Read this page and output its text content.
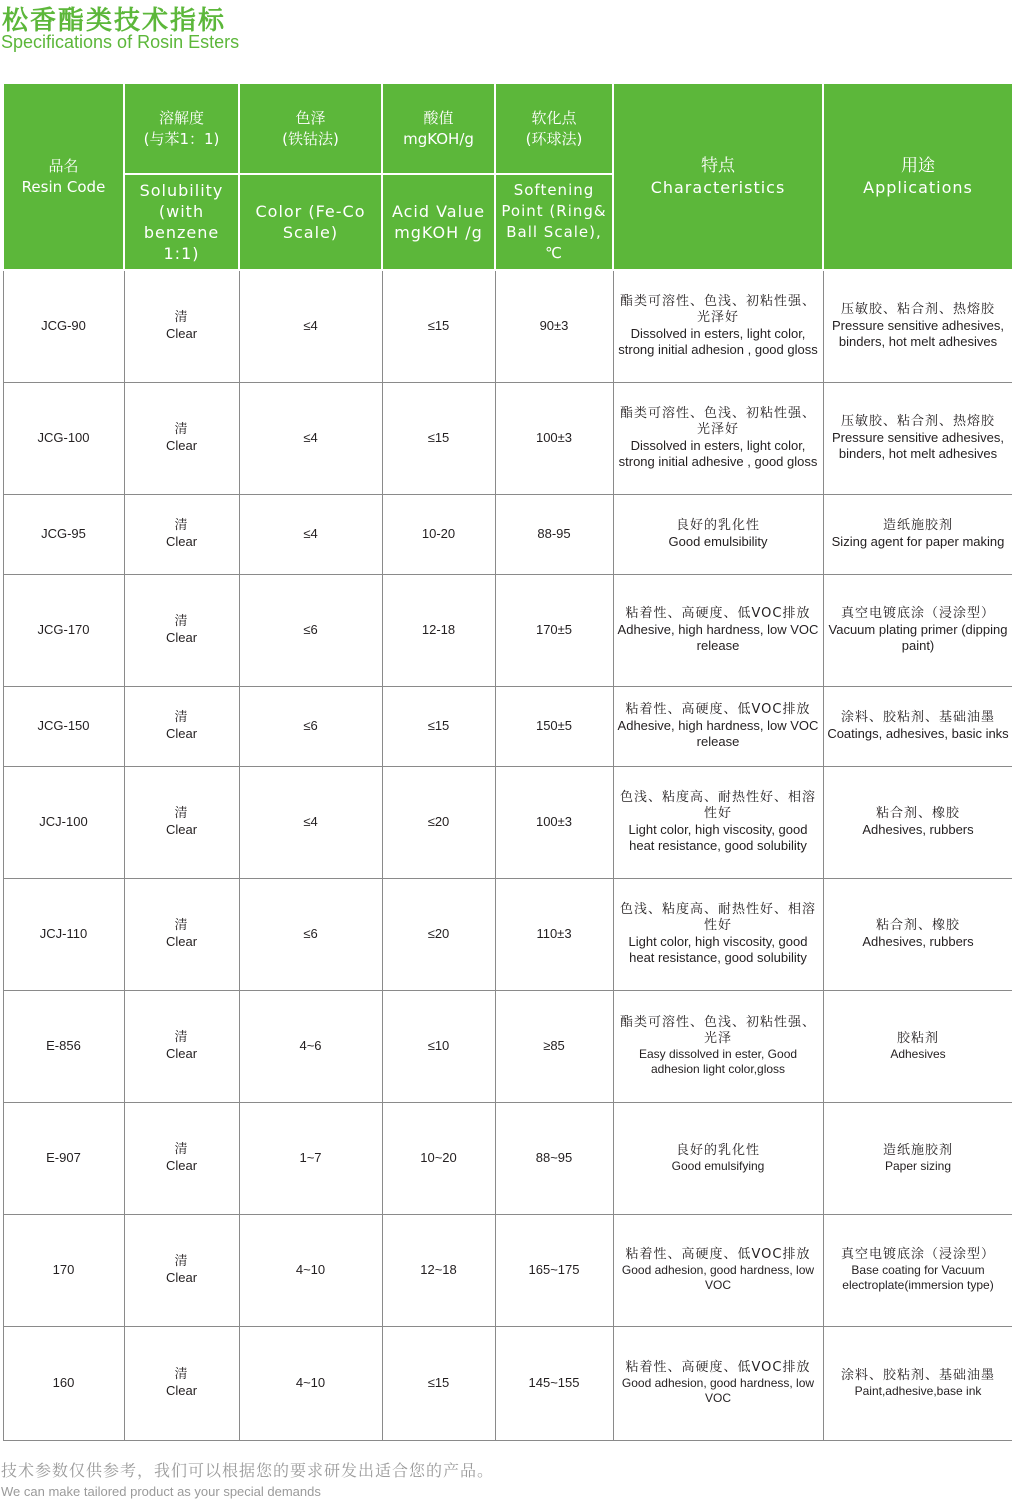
松香酯类技术指标
Specifications of Rosin Esters
品名
Resin Code	溶解度
(与苯1：1)	色泽
(铁钴法)	酸值
mgKOH/g	软化点
(环球法)	特点
Characteristics	用途
Applications

	Solubility (with benzene 1:1)	Color (Fe-Co Scale)	Acid Value mgKOH /g	Softening Point (Ring& Ball Scale),℃		

JCG-90	清
Clear	≤4	≤15	90±3	酯类可溶性、色浅、初粘性强、光泽好
Dissolved in esters, light color, strong initial adhesion , good gloss	压敏胶、粘合剂、热熔胶
Pressure sensitive adhesives, binders, hot melt adhesives

JCG-100	清
Clear	≤4	≤15	100±3	酯类可溶性、色浅、初粘性强、光泽好
Dissolved in esters, light color, strong initial adhesive , good gloss	压敏胶、粘合剂、热熔胶
Pressure sensitive adhesives, binders, hot melt adhesives

JCG-95	清
Clear	≤4	10-20	88-95	良好的乳化性
Good emulsibility	造纸施胶剂
Sizing agent for paper making

JCG-170	清
Clear	≤6	12-18	170±5	粘着性、高硬度、低VOC排放
Adhesive, high hardness, low VOC release	真空电镀底涂（浸涂型）
Vacuum plating primer (dipping paint)

JCG-150	清
Clear	≤6	≤15	150±5	粘着性、高硬度、低VOC排放
Adhesive, high hardness, low VOC release	涂料、胶粘剂、基础油墨
Coatings, adhesives, basic inks

JCJ-100	清
Clear	≤4	≤20	100±3	色浅、粘度高、耐热性好、相溶性好
Light color, high viscosity, good heat resistance, good solubility	粘合剂、橡胶
Adhesives, rubbers

JCJ-110	清
Clear	≤6	≤20	110±3	色浅、粘度高、耐热性好、相溶性好
Light color, high viscosity, good heat resistance, good solubility	粘合剂、橡胶
Adhesives, rubbers

E-856	清
Clear	4~6	≤10	≥85	酯类可溶性、色浅、初粘性强、光泽
Easy dissolved in ester, Good adhesion light color,gloss	胶粘剂
Adhesives

E-907	清
Clear	1~7	10~20	88~95	良好的乳化性
Good emulsifying	造纸施胶剂
Paper sizing

170	清
Clear	4~10	12~18	165~175	粘着性、高硬度、低VOC排放
Good adhesion, good hardness, low VOC	真空电镀底涂（浸涂型）
Base coating for Vacuum electroplate(immersion type)

160	清
Clear	4~10	≤15	145~155	粘着性、高硬度、低VOC排放
Good adhesion, good hardness, low VOC	涂料、胶粘剂、基础油墨
Paint,adhesive,base ink
技术参数仅供参考，我们可以根据您的要求研发出适合您的产品。
We can make tailored product as your special demands
